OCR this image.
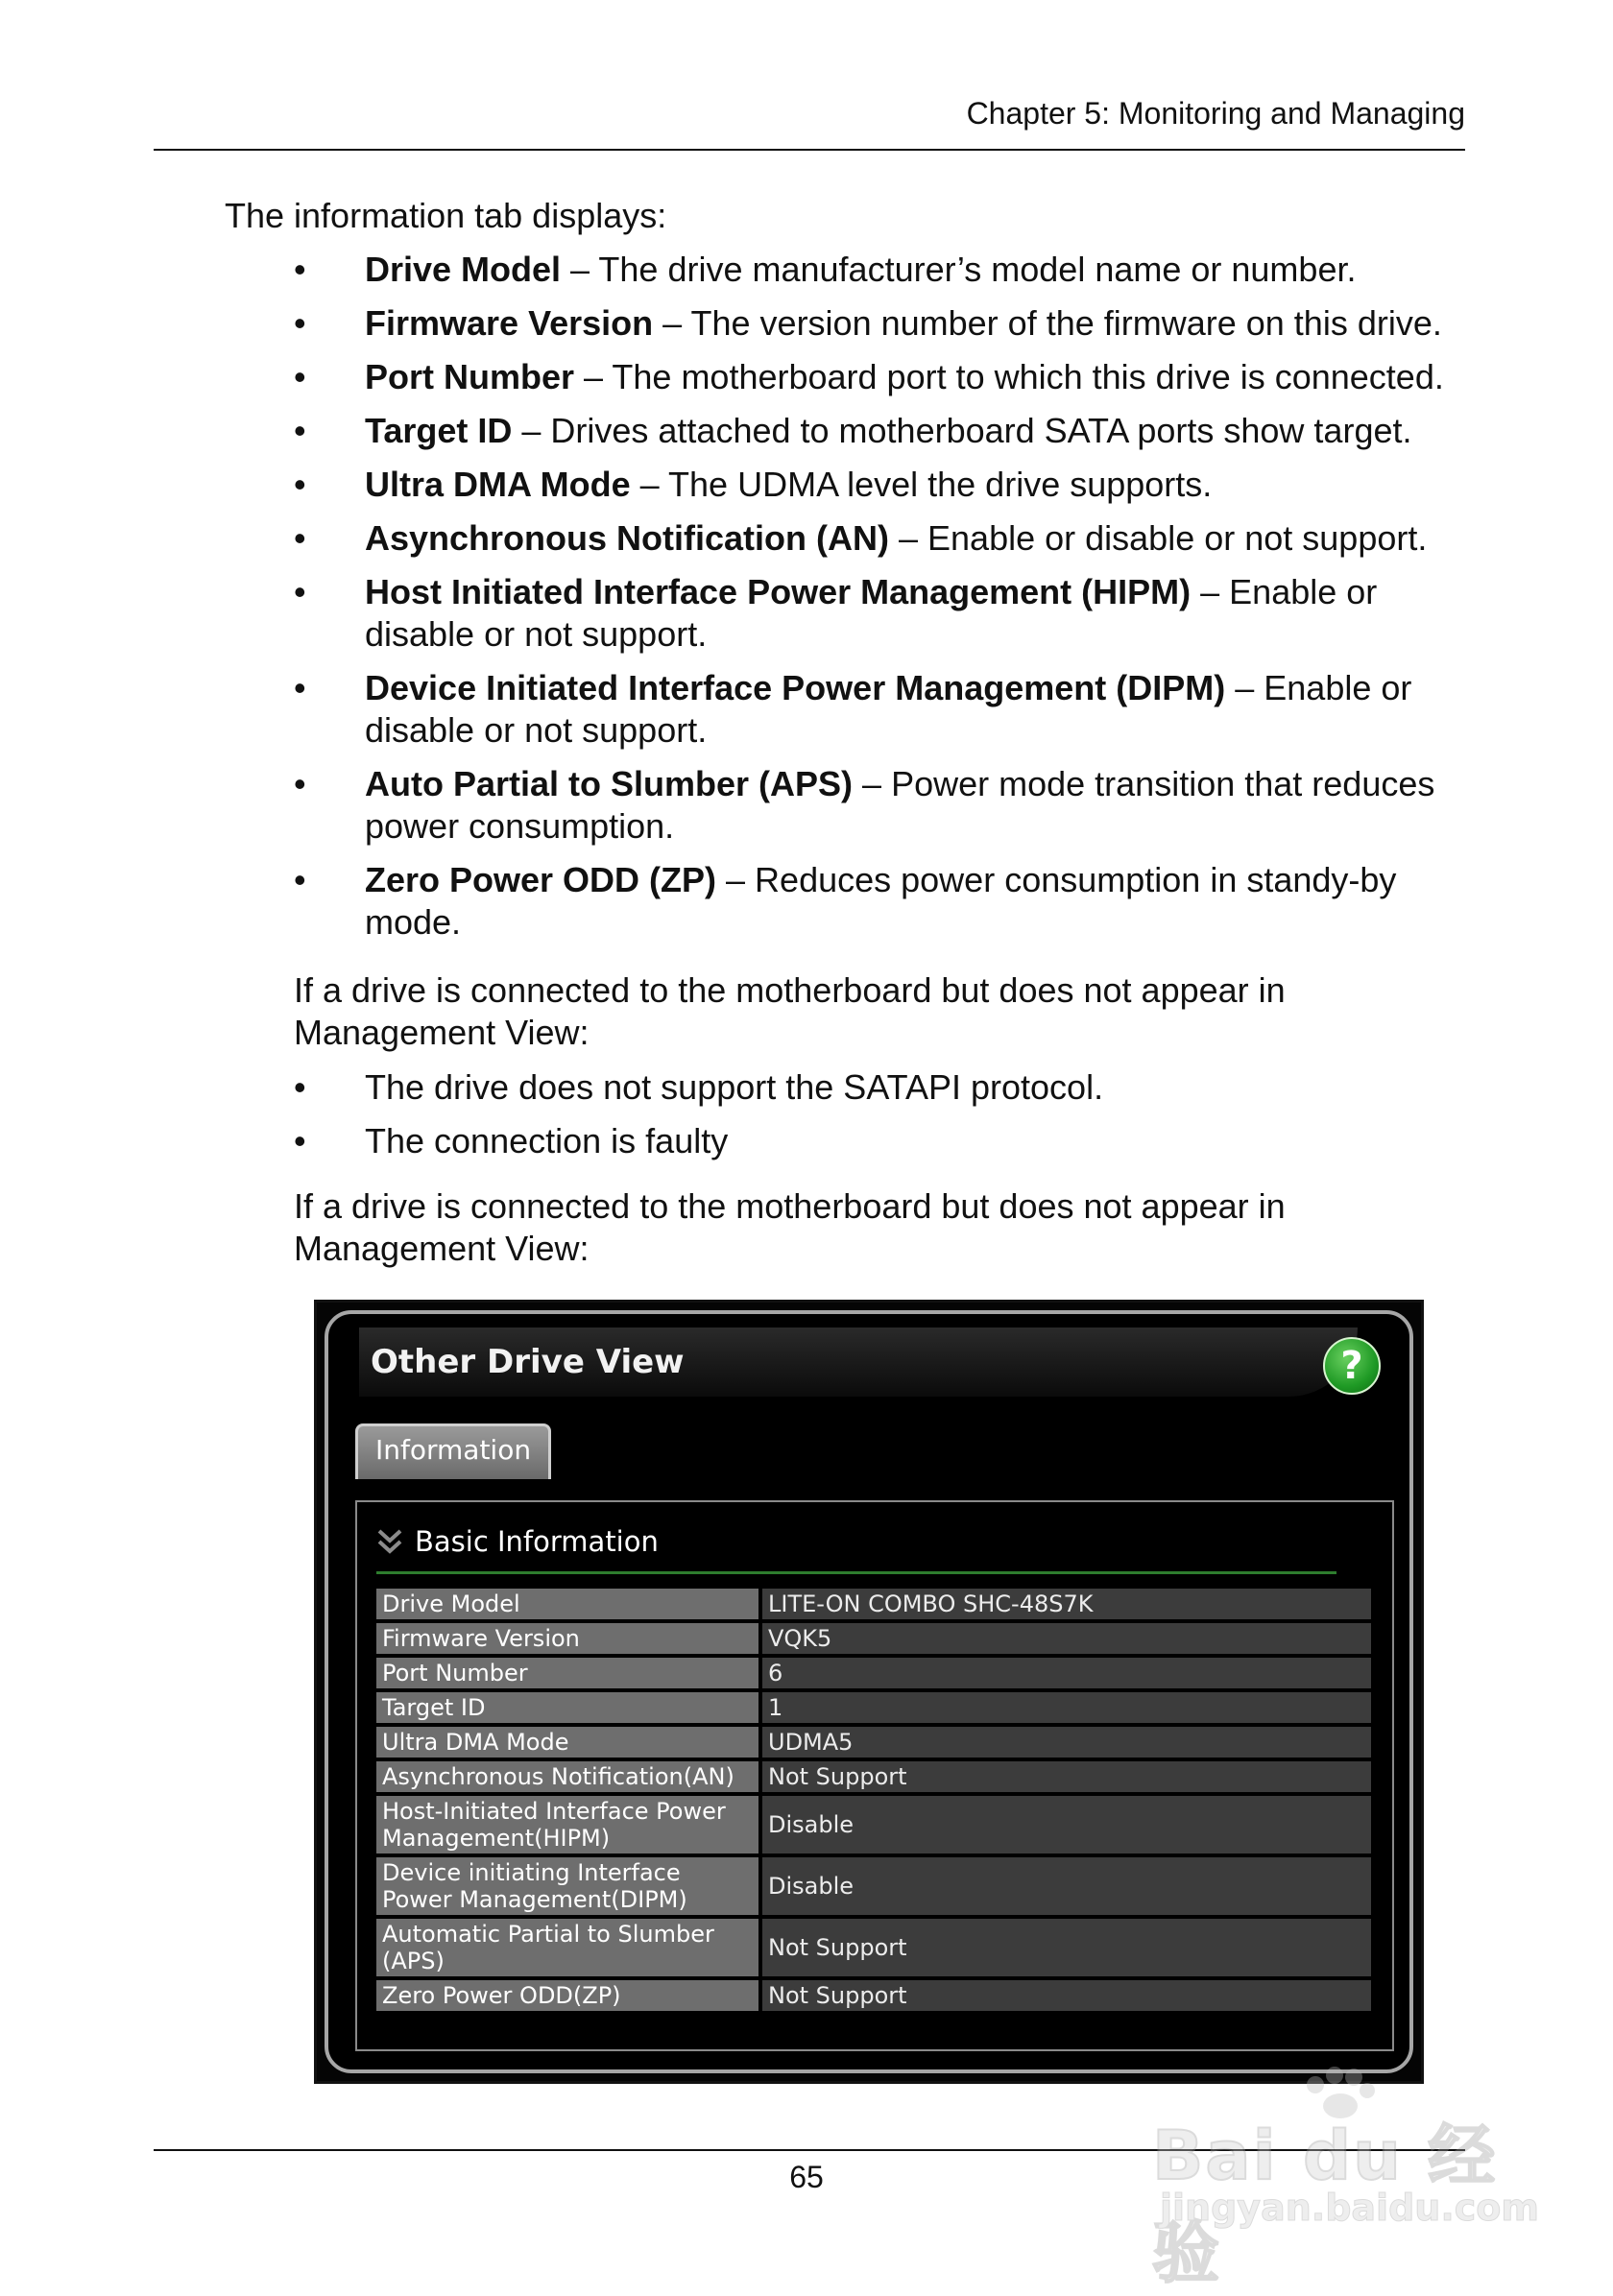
Chapter 5: Monitoring and Managing
The information tab displays:
• Drive Model – The drive manufacturer’s model name or number.
• Firmware Version – The version number of the firmware on this drive.
• Port Number – The motherboard port to which this drive is connected.
• Target ID – Drives attached to motherboard SATA ports show target.
• Ultra DMA Mode – The UDMA level the drive supports.
• Asynchronous Notification (AN) – Enable or disable or not support.
• Host Initiated Interface Power Management (HIPM) – Enable or disable or not support.
• Device Initiated Interface Power Management (DIPM) – Enable or disable or not support.
• Auto Partial to Slumber (APS) – Power mode transition that reduces power consumption.
• Zero Power ODD (ZP) – Reduces power consumption in standy-by mode.
If a drive is connected to the motherboard but does not appear in Management View:
• The drive does not support the SATAPI protocol.
• The connection is faulty
If a drive is connected to the motherboard but does not appear in Management View:
Other Drive View	?
Information
Basic Information
Drive Model	LITE-ON COMBO SHC-48S7K
Firmware Version	VQK5
Port Number	6
Target ID	1
Ultra DMA Mode	UDMA5
Asynchronous Notification(AN)	Not Support
Host-Initiated Interface Power Management(HIPM)	Disable
Device initiating Interface Power Management(DIPM)	Disable
Automatic Partial to Slumber (APS)	Not Support
Zero Power ODD(ZP)	Not Support
65	Bai du 经验
jingyan.baidu.com
